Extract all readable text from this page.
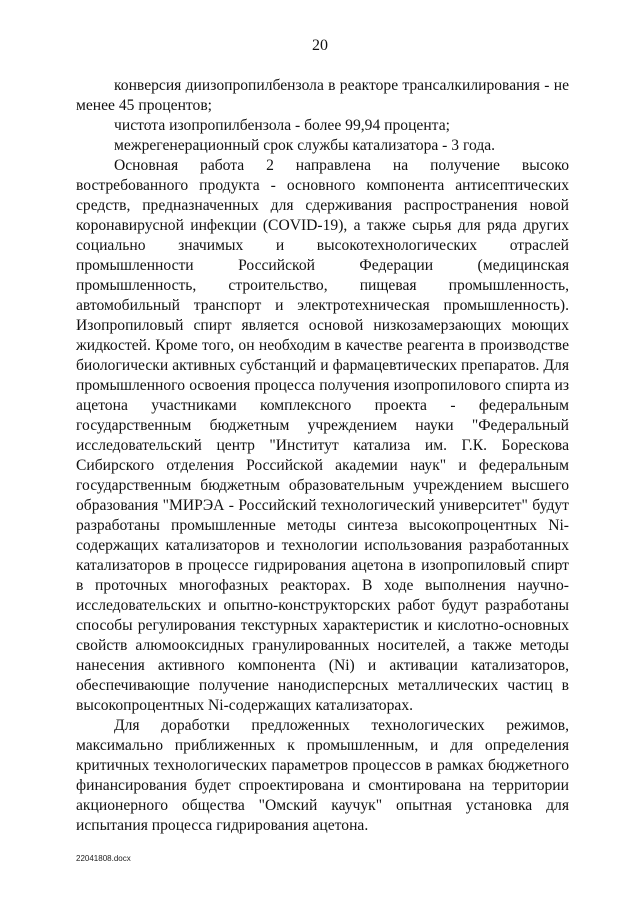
20

конверсия диизопропилбензола в реакторе трансалкилирования - не менее 45 процентов;

чистота изопропилбензола - более 99,94 процента;

межрегенерационный срок службы катализатора - 3 года.

Основная работа 2 направлена на получение высоко востребованного продукта - основного компонента антисептических средств, предназначенных для сдерживания распространения новой коронавирусной инфекции (COVID-19), а также сырья для ряда других социально значимых и высокотехнологических отраслей промышленности Российской Федерации (медицинская промышленность, строительство, пищевая промышленность, автомобильный транспорт и электротехническая промышленность). Изопропиловый спирт является основой низкозамерзающих моющих жидкостей. Кроме того, он необходим в качестве реагента в производстве биологически активных субстанций и фармацевтических препаратов. Для промышленного освоения процесса получения изопропилового спирта из ацетона участниками комплексного проекта - федеральным государственным бюджетным учреждением науки "Федеральный исследовательский центр "Институт катализа им. Г.К. Борескова Сибирского отделения Российской академии наук" и федеральным государственным бюджетным образовательным учреждением высшего образования "МИРЭА - Российский технологический университет" будут разработаны промышленные методы синтеза высокопроцентных Ni-содержащих катализаторов и технологии использования разработанных катализаторов в процессе гидрирования ацетона в изопропиловый спирт в проточных многофазных реакторах. В ходе выполнения научно-исследовательских и опытно-конструкторских работ будут разработаны способы регулирования текстурных характеристик и кислотно-основных свойств алюмооксидных гранулированных носителей, а также методы нанесения активного компонента (Ni) и активации катализаторов, обеспечивающие получение нанодисперсных металлических частиц в высокопроцентных Ni-содержащих катализаторах.

Для доработки предложенных технологических режимов, максимально приближенных к промышленным, и для определения критичных технологических параметров процессов в рамках бюджетного финансирования будет спроектирована и смонтирована на территории акционерного общества "Омский каучук" опытная установка для испытания процесса гидрирования ацетона.

22041808.docx
